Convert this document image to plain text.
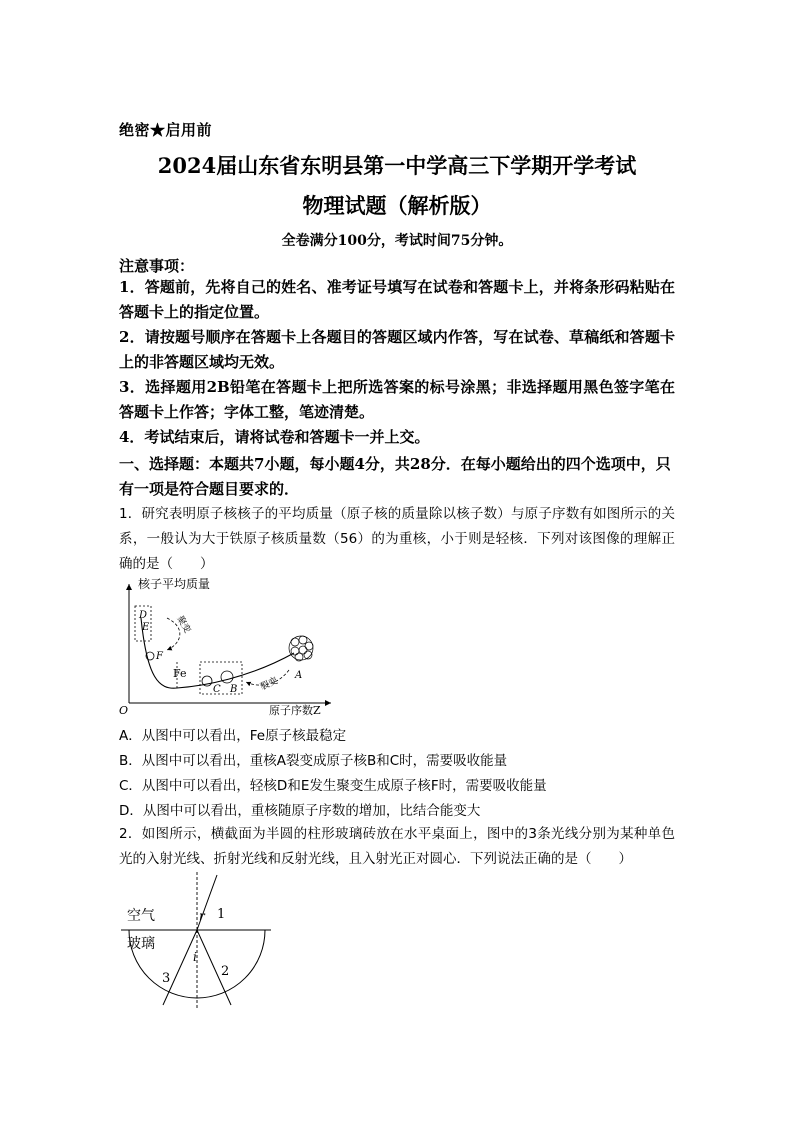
绝密★启用前
2024届山东省东明县第一中学高三下学期开学考试
物理试题（解析版）
全卷满分100分，考试时间75分钟。
注意事项：
1．答题前，先将自己的姓名、准考证号填写在试卷和答题卡上，并将条形码粘贴在答题卡上的指定位置。
2．请按题号顺序在答题卡上各题目的答题区域内作答，写在试卷、草稿纸和答题卡上的非答题区域均无效。
3．选择题用2B铅笔在答题卡上把所选答案的标号涂黑；非选择题用黑色签字笔在答题卡上作答；字体工整，笔迹清楚。
4．考试结束后，请将试卷和答题卡一并上交。
一、选择题：本题共7小题，每小题4分，共28分．在每小题给出的四个选项中，只有一项是符合题目要求的．
1．研究表明原子核核子的平均质量（原子核的质量除以核子数）与原子序数有如图所示的关系，一般认为大于铁原子核质量数（56）的为重核，小于则是轻核．下列对该图像的理解正确的是（　　）
核子平均质量
O	原子序数Z
Fe
D
E
F
聚变
C B
A
裂变
A．从图中可以看出，Fe原子核最稳定
B．从图中可以看出，重核A裂变成原子核B和C时，需要吸收能量
C．从图中可以看出，轻核D和E发生聚变生成原子核F时，需要吸收能量
D．从图中可以看出，重核随原子序数的增加，比结合能变大
2．如图所示，横截面为半圆的柱形玻璃砖放在水平桌面上，图中的3条光线分别为某种单色光的入射光线、折射光线和反射光线，且入射光正对圆心．下列说法正确的是（　　）
空气
玻璃
r
i
1
2
3
